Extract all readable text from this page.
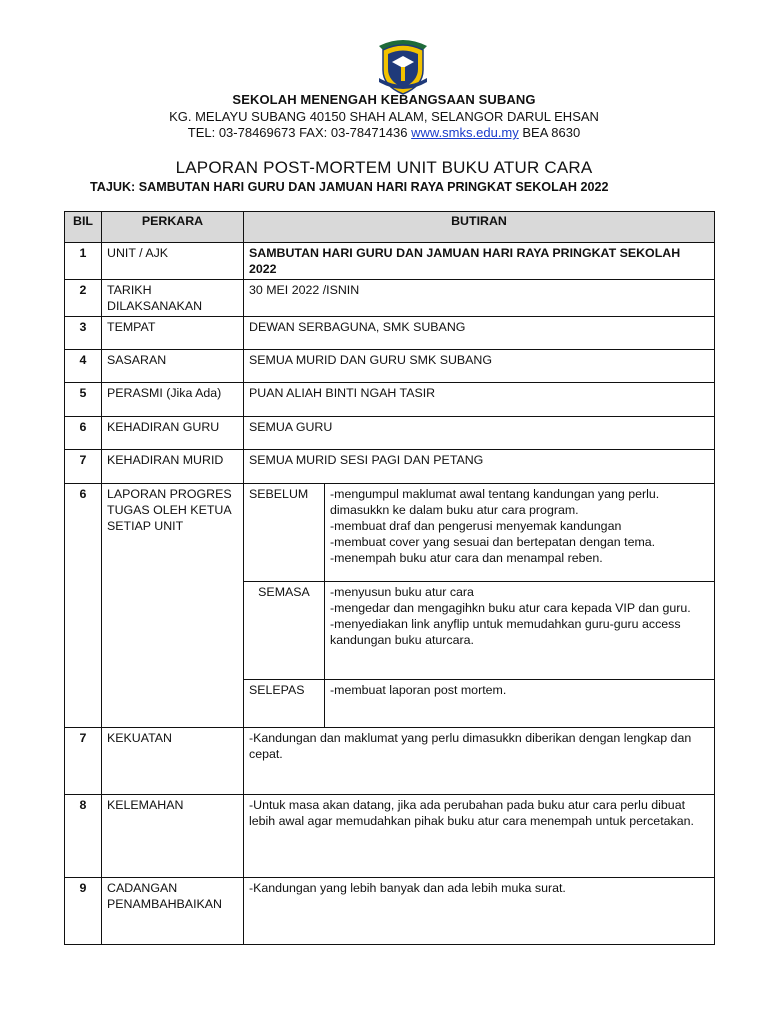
SEKOLAH MENENGAH KEBANGSAAN SUBANG
KG. MELAYU SUBANG 40150 SHAH ALAM, SELANGOR DARUL EHSAN
TEL: 03-78469673 FAX: 03-78471436 www.smks.edu.my BEA 8630
LAPORAN POST-MORTEM UNIT BUKU ATUR CARA
TAJUK: SAMBUTAN HARI GURU DAN JAMUAN HARI RAYA PRINGKAT SEKOLAH 2022
BIL	PERKARA	BUTIRAN
1	UNIT / AJK	SAMBUTAN HARI GURU DAN JAMUAN HARI RAYA PRINGKAT SEKOLAH 2022
2	TARIKH DILAKSANAKAN	30 MEI 2022 /ISNIN
3	TEMPAT	DEWAN SERBAGUNA, SMK SUBANG
4	SASARAN	SEMUA MURID DAN GURU SMK SUBANG
5	PERASMI (Jika Ada)	PUAN ALIAH BINTI NGAH TASIR
6	KEHADIRAN GURU	SEMUA GURU
7	KEHADIRAN MURID	SEMUA MURID SESI PAGI DAN PETANG
6	LAPORAN PROGRES TUGAS OLEH KETUA SETIAP UNIT	
SEBELUM	-mengumpul maklumat awal tentang kandungan yang perlu. dimasukkn ke dalam buku atur cara program.
-membuat draf dan pengerusi menyemak kandungan
-membuat cover yang sesuai dan bertepatan dengan tema.
-menempah buku atur cara dan menampal reben.

SEMASA	-menyusun buku atur cara
-mengedar dan mengagihkn buku atur cara kepada VIP dan guru.
-menyediakan link anyflip untuk memudahkan guru-guru access kandungan buku aturcara.

SELEPAS	-membuat laporan post mortem.

7	KEKUATAN	-Kandungan dan maklumat yang perlu dimasukkn diberikan dengan lengkap dan cepat.
8	KELEMAHAN	-Untuk masa akan datang, jika ada perubahan pada buku atur cara perlu dibuat lebih awal agar memudahkan pihak buku atur cara menempah untuk percetakan.
9	CADANGAN PENAMBAHBAIKAN	-Kandungan yang lebih banyak dan ada lebih muka surat.
